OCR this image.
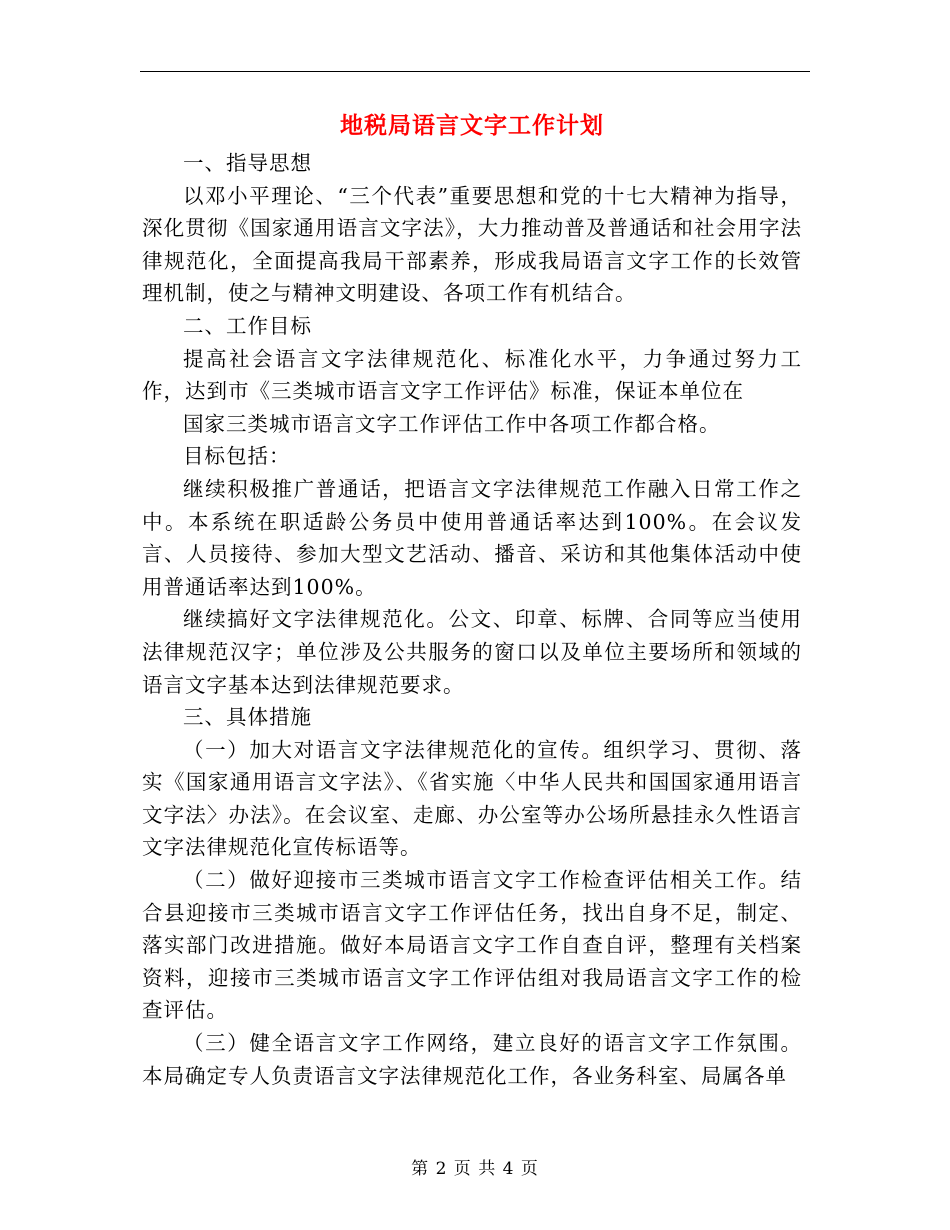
地税局语言文字工作计划

一、指导思想

以邓小平理论、“三个代表”重要思想和党的十七大精神为指导，深化贯彻《国家通用语言文字法》，大力推动普及普通话和社会用字法律规范化，全面提高我局干部素养，形成我局语言文字工作的长效管理机制，使之与精神文明建设、各项工作有机结合。

二、工作目标

提高社会语言文字法律规范化、标准化水平，力争通过努力工作，达到市《三类城市语言文字工作评估》标准，保证本单位在

国家三类城市语言文字工作评估工作中各项工作都合格。

目标包括：

继续积极推广普通话，把语言文字法律规范工作融入日常工作之中。本系统在职适龄公务员中使用普通话率达到100%。在会议发言、人员接待、参加大型文艺活动、播音、采访和其他集体活动中使用普通话率达到100%。

继续搞好文字法律规范化。公文、印章、标牌、合同等应当使用法律规范汉字；单位涉及公共服务的窗口以及单位主要场所和领域的语言文字基本达到法律规范要求。

三、具体措施

（一）加大对语言文字法律规范化的宣传。组织学习、贯彻、落实《国家通用语言文字法》、《省实施〈中华人民共和国国家通用语言文字法〉办法》。在会议室、走廊、办公室等办公场所悬挂永久性语言文字法律规范化宣传标语等。

（二）做好迎接市三类城市语言文字工作检查评估相关工作。结合县迎接市三类城市语言文字工作评估任务，找出自身不足，制定、落实部门改进措施。做好本局语言文字工作自查自评，整理有关档案资料，迎接市三类城市语言文字工作评估组对我局语言文字工作的检查评估。

（三）健全语言文字工作网络，建立良好的语言文字工作氛围。本局确定专人负责语言文字法律规范化工作，各业务科室、局属各单

第 2 页 共 4 页
